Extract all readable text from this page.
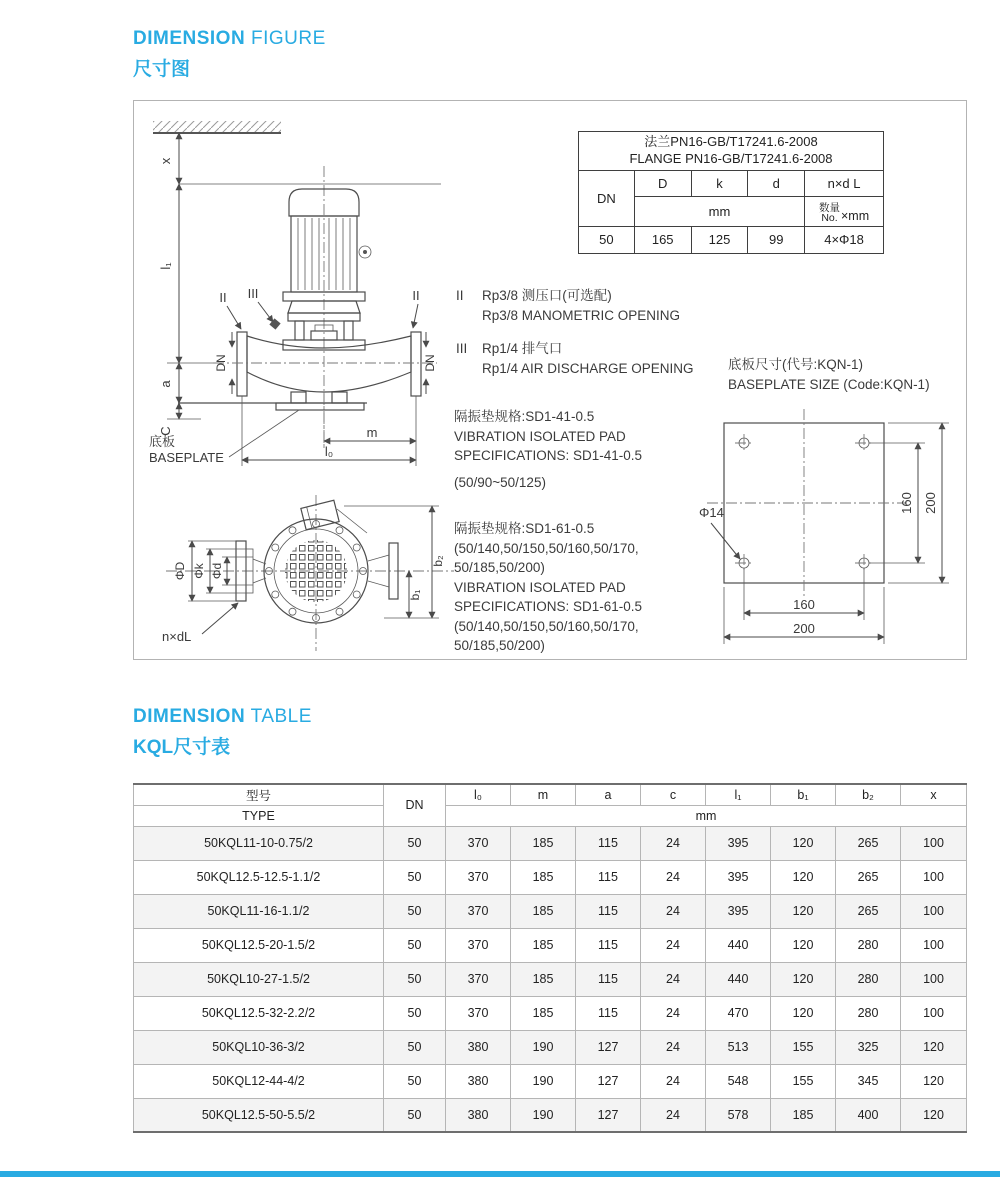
DIMENSION FIGURE
尺寸图
x
l₁
a
C
DN	DN
m
l₀
II III	II
底板
BASEPLATE
ΦD Φk Φd
n×dL
b₁
b₂
法兰PN16-GB/T17241.6-2008
FLANGE PN16-GB/T17241.6-2008				

DN	D	k	d	n×d L
	mm			数量
No. ×mm

50	165	125	99	4×Φ18
II	Rp3/8 测压口(可选配)
Rp3/8 MANOMETRIC OPENING
III	Rp1/4 排气口
Rp1/4 AIR DISCHARGE OPENING	底板尺寸(代号:KQN-1)
BASEPLATE SIZE (Code:KQN-1)
隔振垫规格:SD1-41-0.5
VIBRATION ISOLATED PAD
SPECIFICATIONS: SD1-41-0.5
(50/90~50/125)
隔振垫规格:SD1-61-0.5
(50/140,50/150,50/160,50/170,
50/185,50/200)
VIBRATION ISOLATED PAD
SPECIFICATIONS: SD1-61-0.5
(50/140,50/150,50/160,50/170,
50/185,50/200)
Φ14	160 200
160
200
DIMENSION TABLE
KQL尺寸表
型号	DN	l₀	m	a	c	l₁	b₁	b₂	x
TYPE		mm							
50KQL11-10-0.75/2	50	370	185	115	24	395	120	265	100
50KQL12.5-12.5-1.1/2	50	370	185	115	24	395	120	265	100
50KQL11-16-1.1/2	50	370	185	115	24	395	120	265	100
50KQL12.5-20-1.5/2	50	370	185	115	24	440	120	280	100
50KQL10-27-1.5/2	50	370	185	115	24	440	120	280	100
50KQL12.5-32-2.2/2	50	370	185	115	24	470	120	280	100
50KQL10-36-3/2	50	380	190	127	24	513	155	325	120
50KQL12-44-4/2	50	380	190	127	24	548	155	345	120
50KQL12.5-50-5.5/2	50	380	190	127	24	578	185	400	120
